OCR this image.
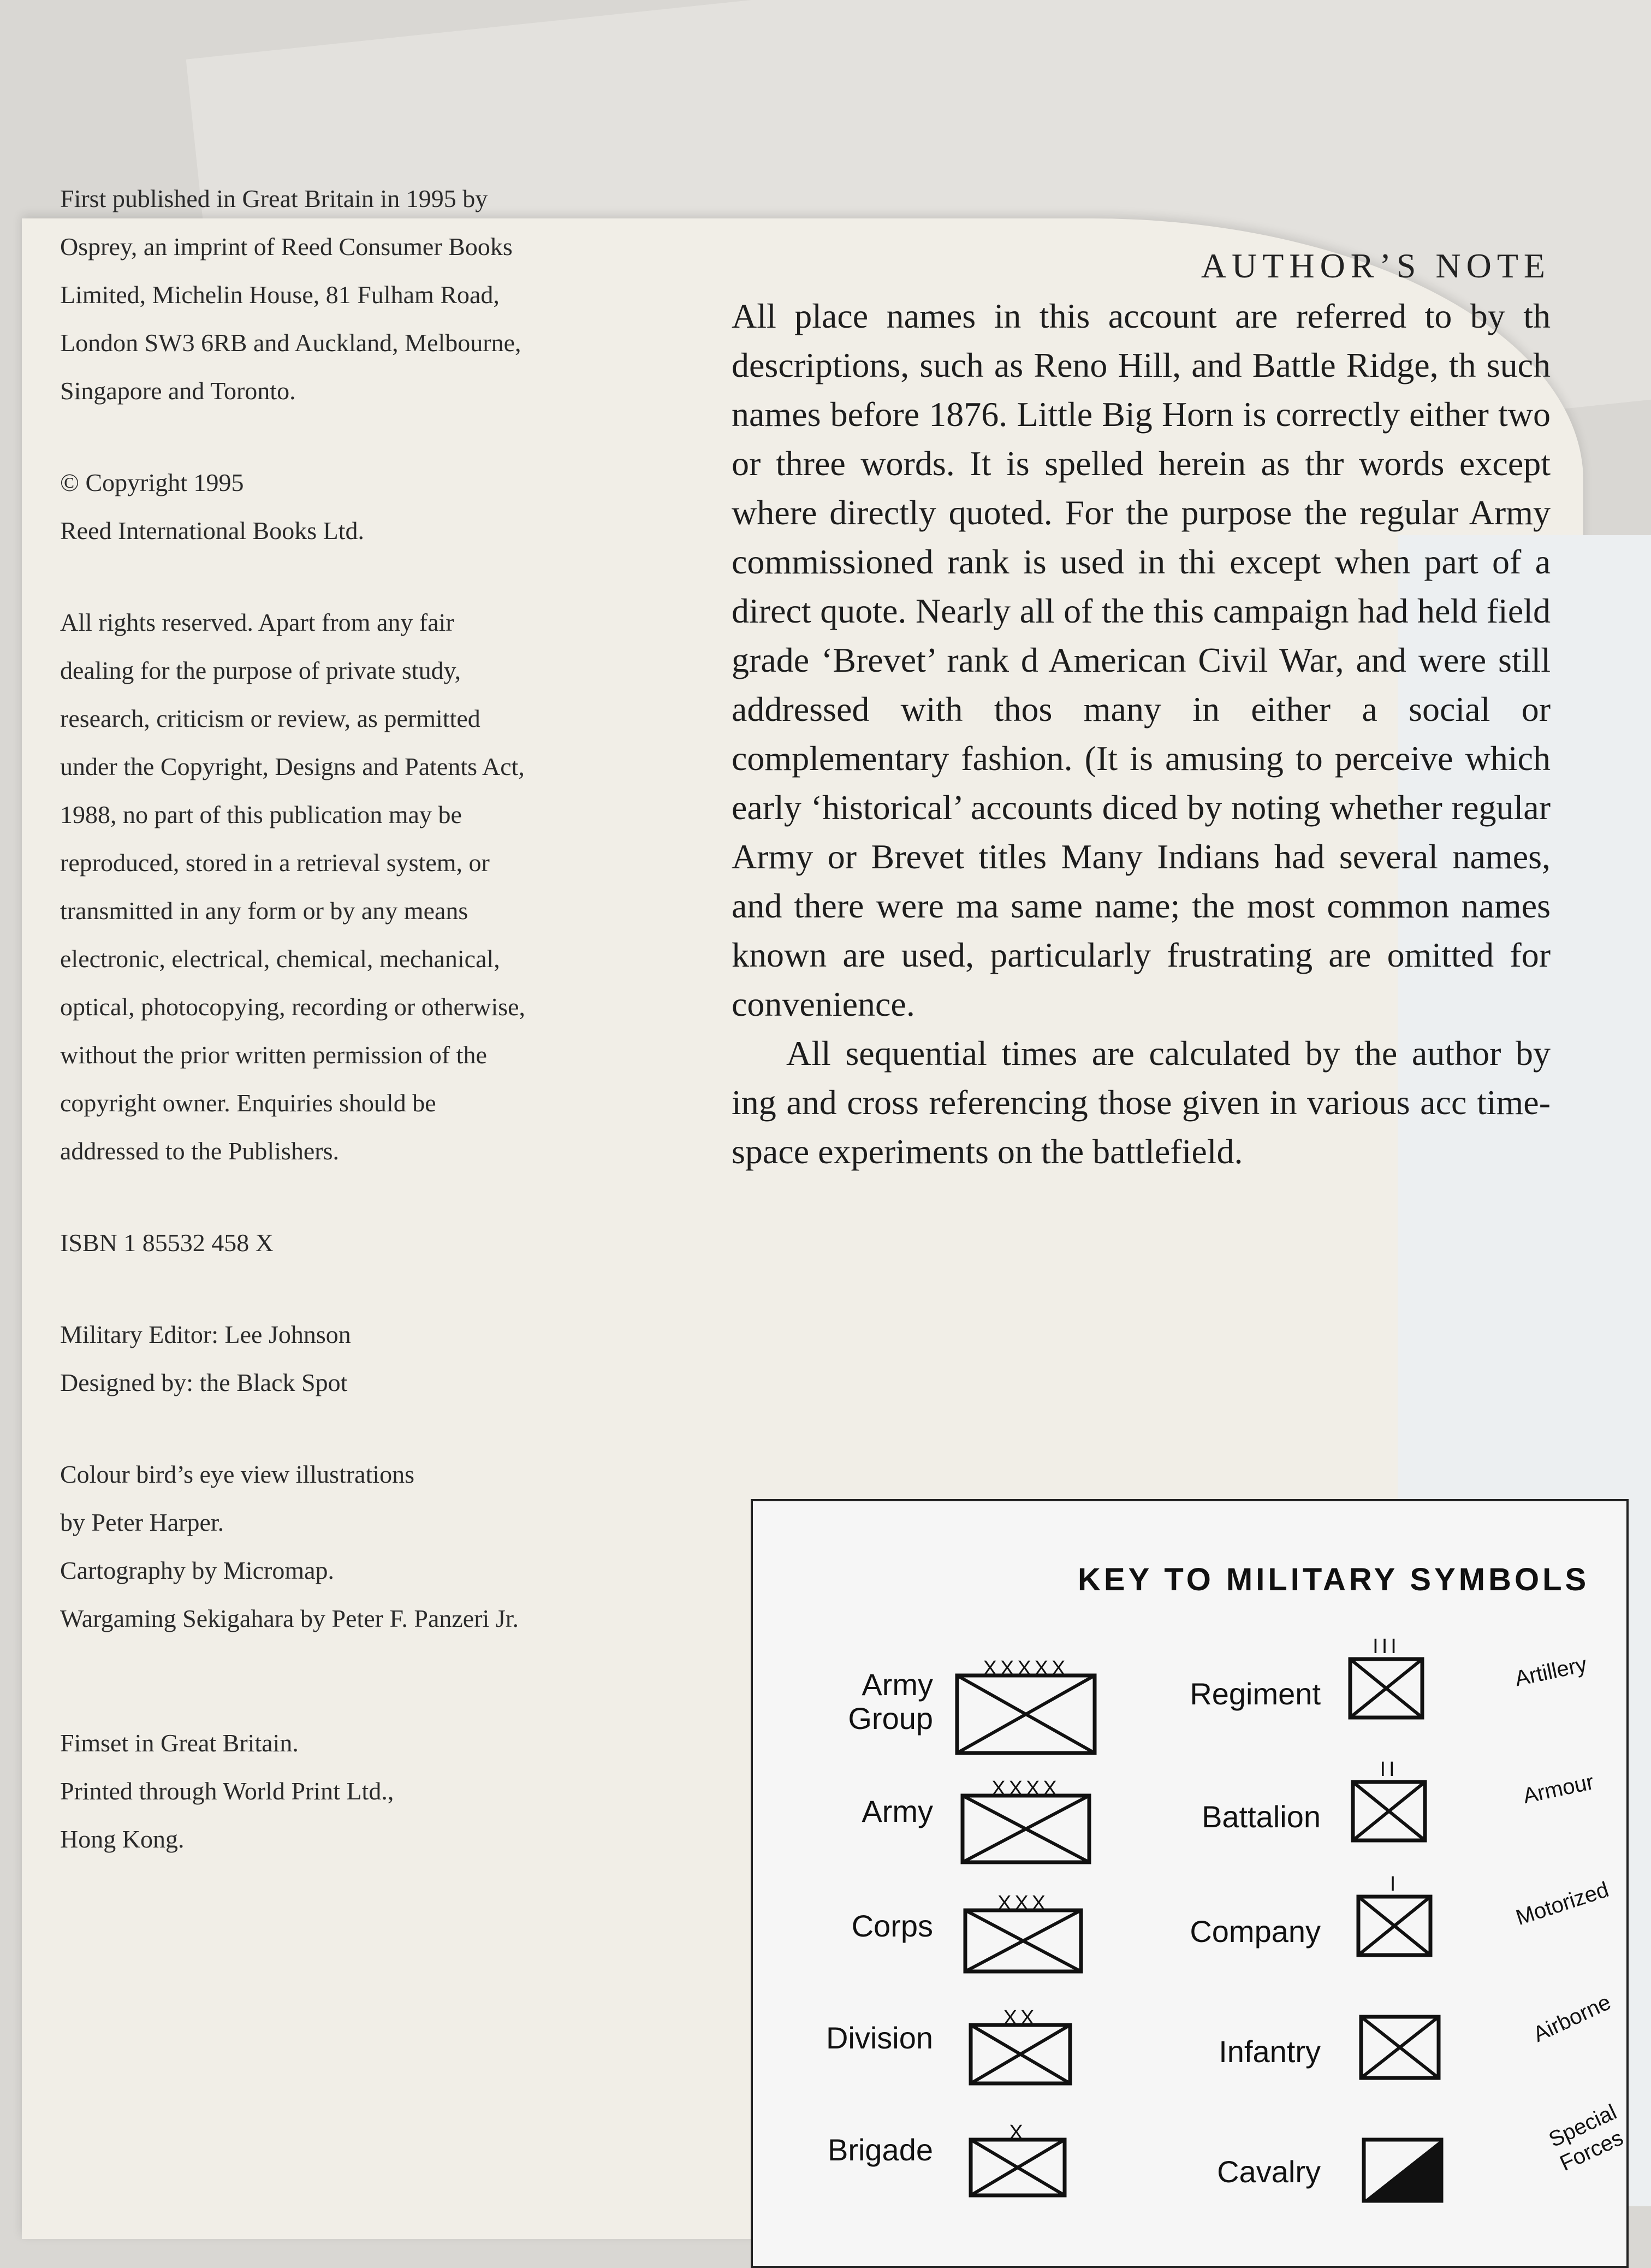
First published in Great Britain in 1995 by
Osprey, an imprint of Reed Consumer Books
Limited, Michelin House, 81 Fulham Road,
London SW3 6RB and Auckland, Melbourne,
Singapore and Toronto.
© Copyright 1995
Reed International Books Ltd.
All rights reserved. Apart from any fair
dealing for the purpose of private study,
research, criticism or review, as permitted
under the Copyright, Designs and Patents Act,
1988, no part of this publication may be
reproduced, stored in a retrieval system, or
transmitted in any form or by any means
electronic, electrical, chemical, mechanical,
optical, photocopying, recording or otherwise,
without the prior written permission of the
copyright owner. Enquiries should be
addressed to the Publishers.
ISBN 1 85532 458 X
Military Editor: Lee Johnson
Designed by: the Black Spot
Colour bird’s eye view illustrations
by Peter Harper.
Cartography by Micromap.
Wargaming Sekigahara by Peter F. Panzeri Jr.
Fimset in Great Britain.
Printed through World Print Ltd.,
Hong Kong.
AUTHOR’S NOTE

All place names in this account are referred to by th descriptions, such as Reno Hill, and Battle Ridge, th such names before 1876. Little Big Horn is correctly either two or three words. It is spelled herein as thr words except where directly quoted. For the purpose the regular Army commissioned rank is used in thi except when part of a direct quote. Nearly all of the this campaign had held field grade ‘Brevet’ rank d American Civil War, and were still addressed with thos many in either a social or complementary fashion. (It is amusing to perceive which early ‘historical’ accounts diced by noting whether regular Army or Brevet titles Many Indians had several names, and there were ma same name; the most common names known are used, particularly frustrating are omitted for convenience.

All sequential times are calculated by the author by ing and cross referencing those given in various acc time-space experiments on the battlefield.

KEY TO MILITARY SYMBOLS
Army Group
XXXXX
Army
XXXX
Corps
XXX
Division
XX
Brigade	X
Regiment
III
Battalion
II
Company
I
Infantry
Cavalry
Artillery
Armour
Motorized
Airborne
Special Forces
